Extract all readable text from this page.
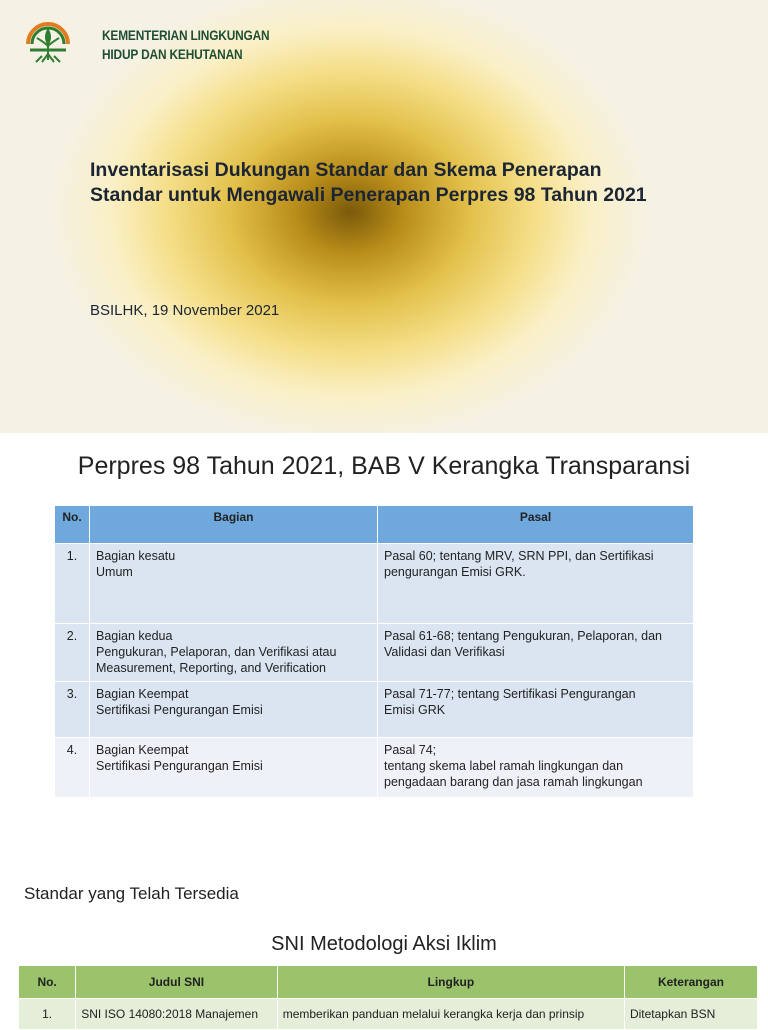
KEMENTERIAN LINGKUNGAN
HIDUP DAN KEHUTANAN
Inventarisasi Dukungan Standar dan Skema Penerapan
Standar untuk Mengawali Penerapan Perpres 98 Tahun 2021
BSILHK, 19 November 2021
Perpres 98 Tahun 2021, BAB V Kerangka Transparansi
No.	Bagian	Pasal
1.	Bagian kesatu
Umum	Pasal 60; tentang MRV, SRN PPI, dan Sertifikasi
pengurangan Emisi GRK.

2.	Bagian kedua
Pengukuran, Pelaporan, dan Verifikasi atau
Measurement, Reporting, and Verification	Pasal 61-68; tentang Pengukuran, Pelaporan, dan
Validasi dan Verifikasi

3.	Bagian Keempat
Sertifikasi Pengurangan Emisi	Pasal 71-77; tentang Sertifikasi Pengurangan
Emisi GRK

4.	Bagian Keempat
Sertifikasi Pengurangan Emisi	Pasal 74;
tentang skema label ramah lingkungan dan
pengadaan barang dan jasa ramah lingkungan
Standar yang Telah Tersedia
SNI Metodologi Aksi Iklim
No.	Judul SNI	Lingkup	Keterangan
1.	SNI ISO 14080:2018 Manajemen	memberikan panduan melalui kerangka kerja dan prinsip	Ditetapkan BSN
